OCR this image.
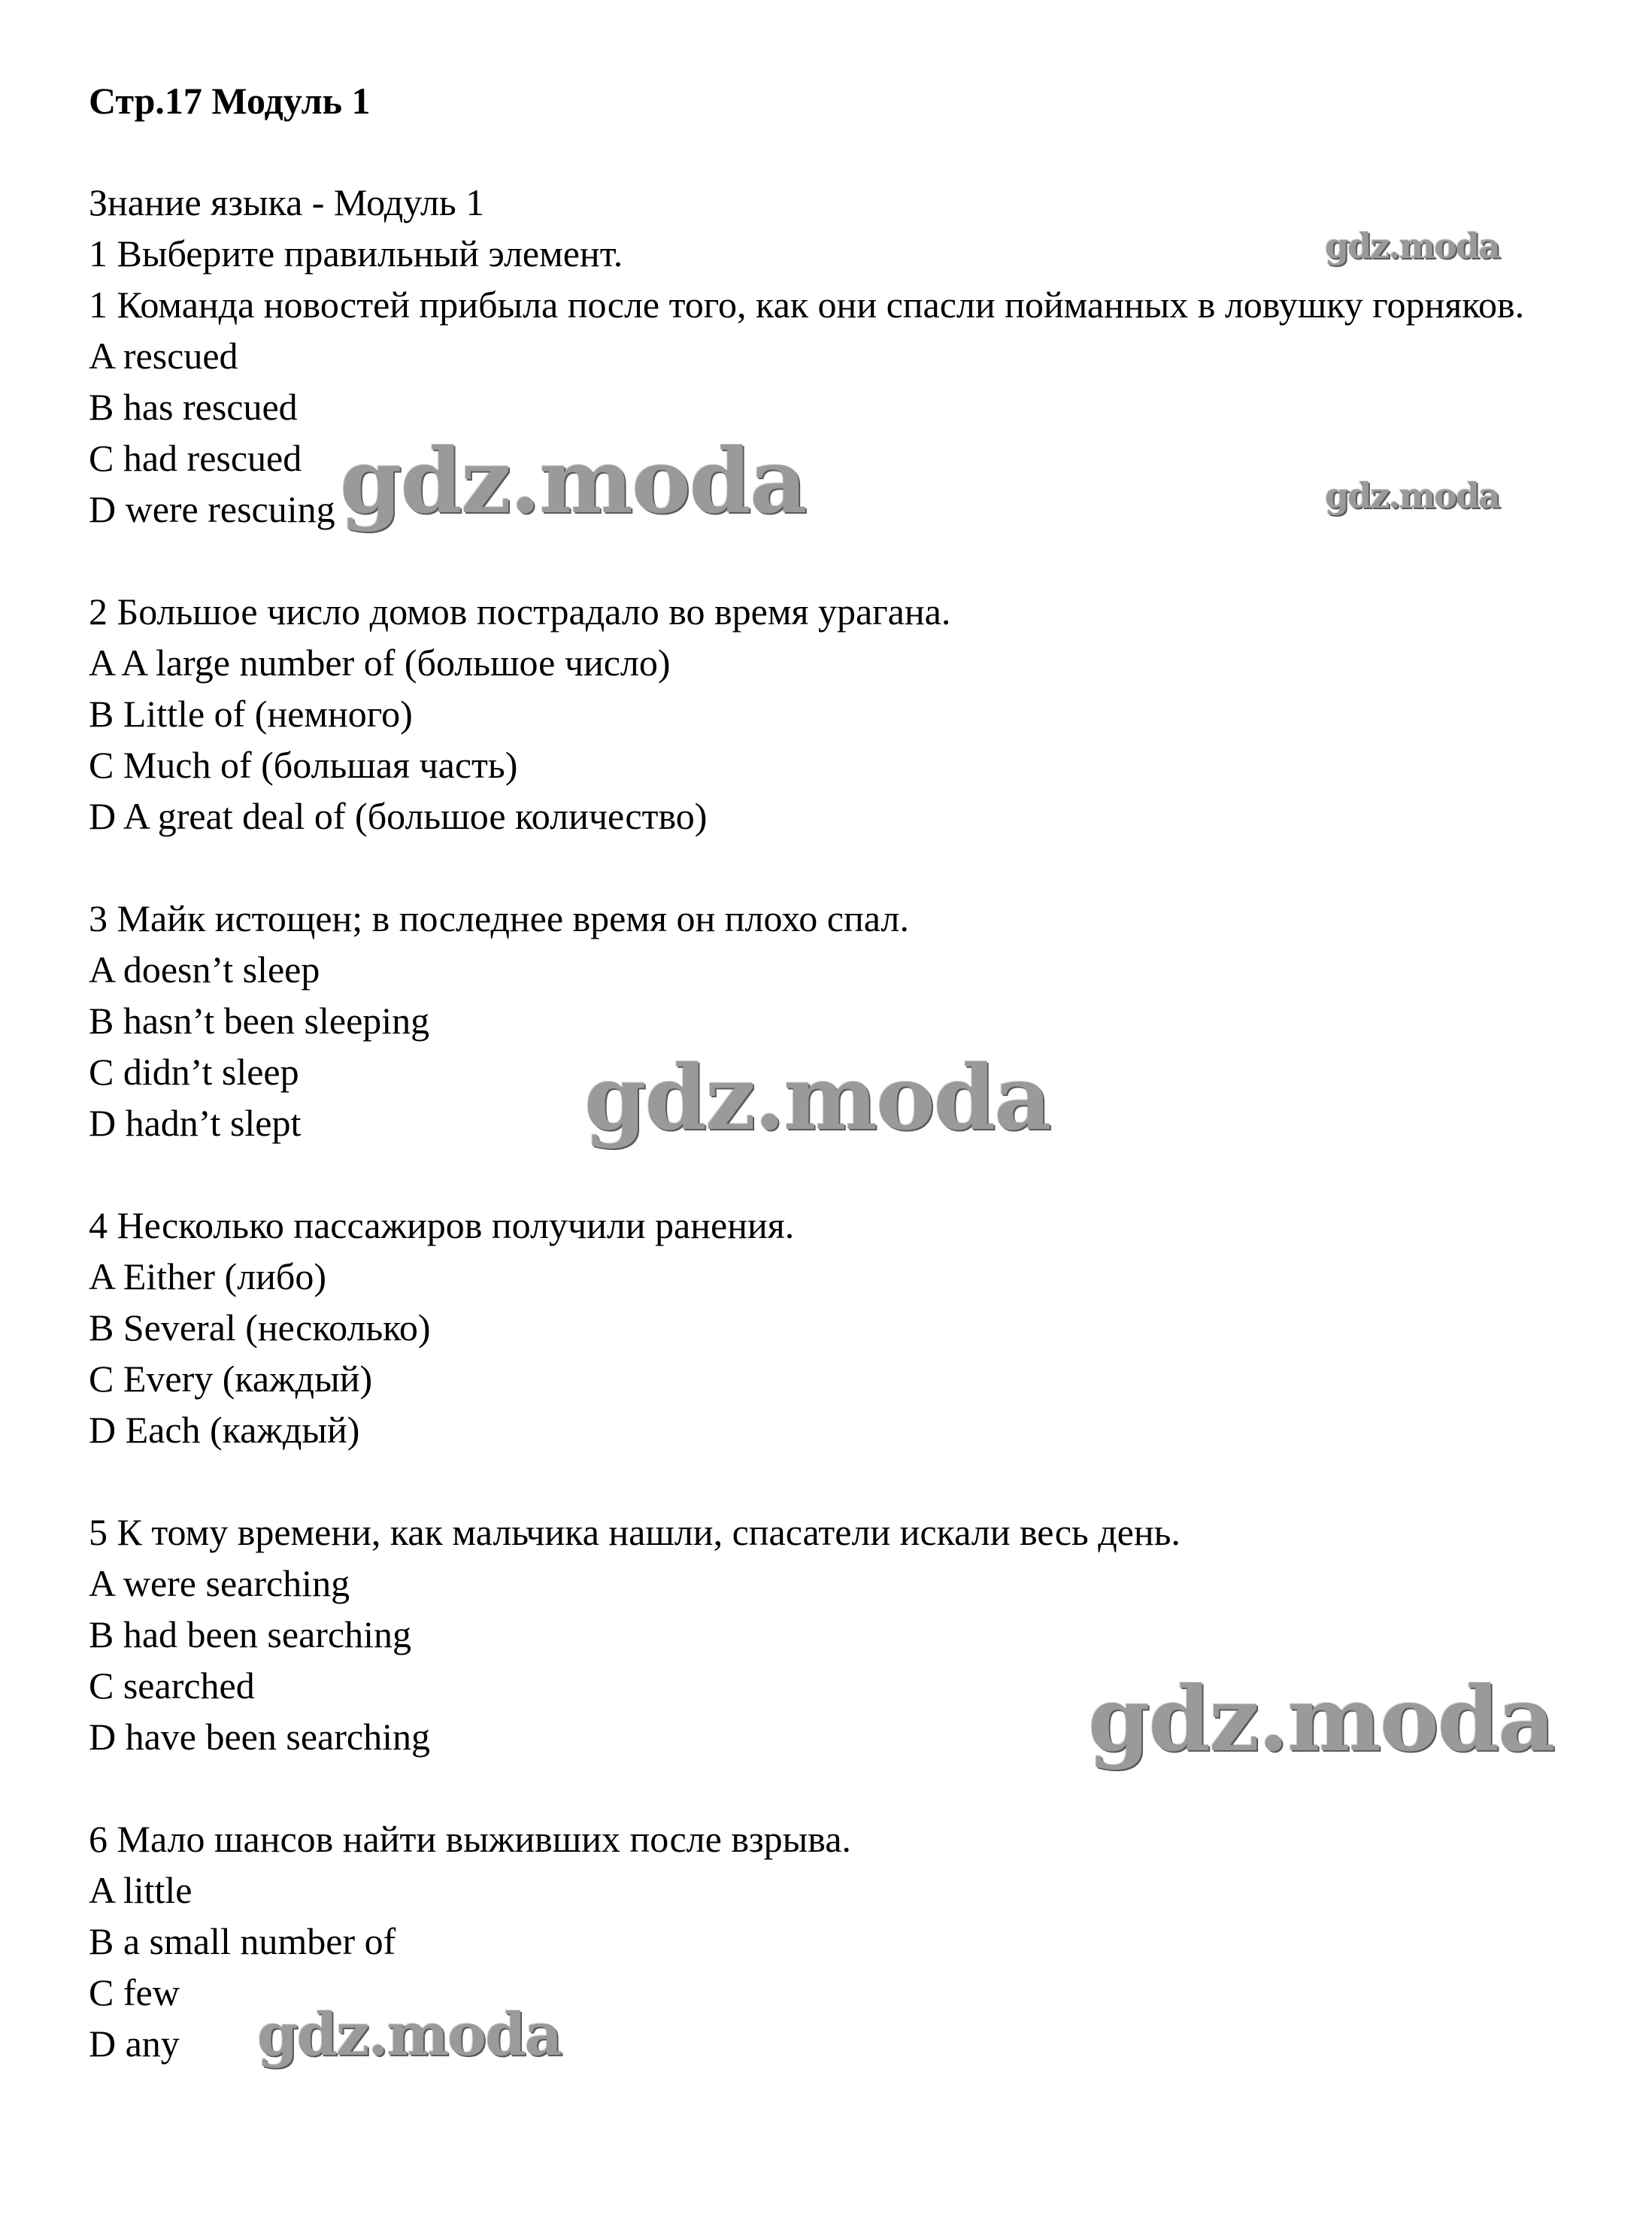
Стр.17 Модуль 1
Знание языка - Модуль 1
1 Выберите правильный элемент.
1 Команда новостей прибыла после того, как они спасли пойманных в ловушку горняков.
A rescued
B has rescued
C had rescued
D were rescuing
2 Большое число домов пострадало во время урагана.
A A large number of (большое число)
B Little of (немного)
C Much of (большая часть)
D A great deal of (большое количество)
3 Майк истощен; в последнее время он плохо спал.
A doesn’t sleep
B hasn’t been sleeping
C didn’t sleep
D hadn’t slept
4 Несколько пассажиров получили ранения.
A Either (либо)
B Several (несколько)
C Every (каждый)
D Each (каждый)
5 К тому времени, как мальчика нашли, спасатели искали весь день.
A were searching
B had been searching
C searched
D have been searching
6 Мало шансов найти выживших после взрыва.
A little
B a small number of
C few
D any
gdz.moda
gdz.moda	gdz.moda
gdz.moda
gdz.moda
gdz.moda
